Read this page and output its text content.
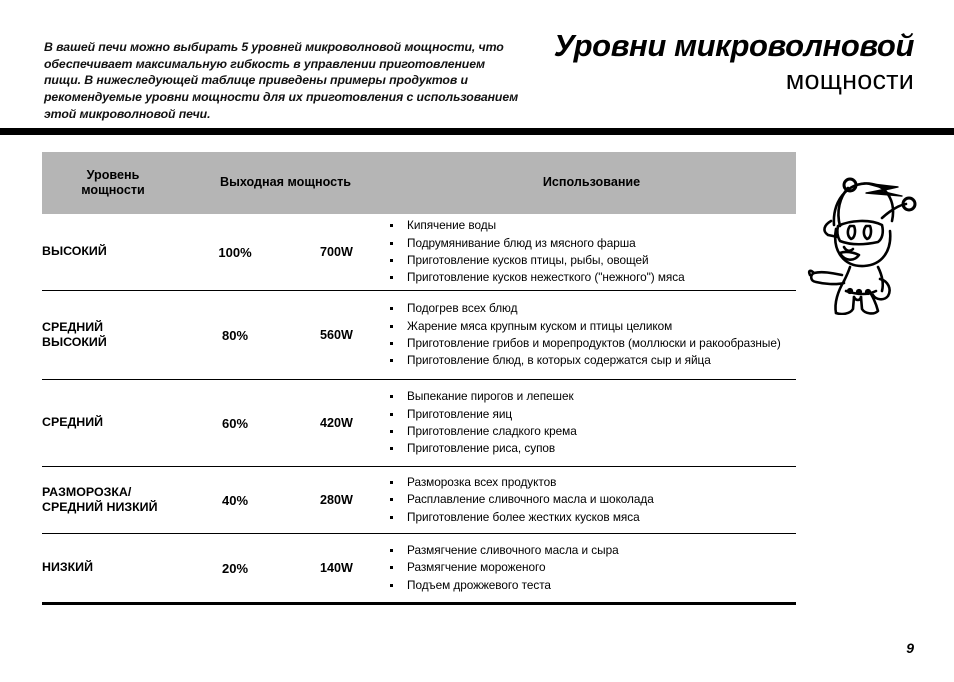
В вашей печи можно выбирать 5 уровней микроволновой мощности, что обеспечивает максимальную гибкость в управлении приготовлением пищи. В нижеследующей таблице приведены примеры продуктов и рекомендуемые уровни мощности для их приготовления с использованием этой микроволновой печи.

Уровни микроволновой
мощности
Уровень
мощности	Выходная мощность		Использование

ВЫСОКИЙ	100%	700W	
Кипячение воды
Подрумянивание блюд из мясного фарша
Приготовление кусков птицы, рыбы, овощей
Приготовление кусков нежесткого ("нежного") мяса

СРЕДНИЙ
ВЫСОКИЙ	80%	560W	
Подогрев всех блюд
Жарение мяса крупным куском и птицы целиком
Приготовление грибов и морепродуктов (моллюски и ракообразные)
Приготовление блюд, в которых содержатся сыр и яйца

СРЕДНИЙ	60%	420W	
Выпекание пирогов и лепешек
Приготовление яиц
Приготовление сладкого крема
Приготовление риса, супов

РАЗМОРОЗКА/
СРЕДНИЙ НИЗКИЙ	40%	280W	
Разморозка всех продуктов
Расплавление сливочного масла и шоколада
Приготовление более жестких кусков мяса

НИЗКИЙ	20%	140W	
Размягчение сливочного масла и сыра
Размягчение мороженого
Подъем дрожжевого теста
9
